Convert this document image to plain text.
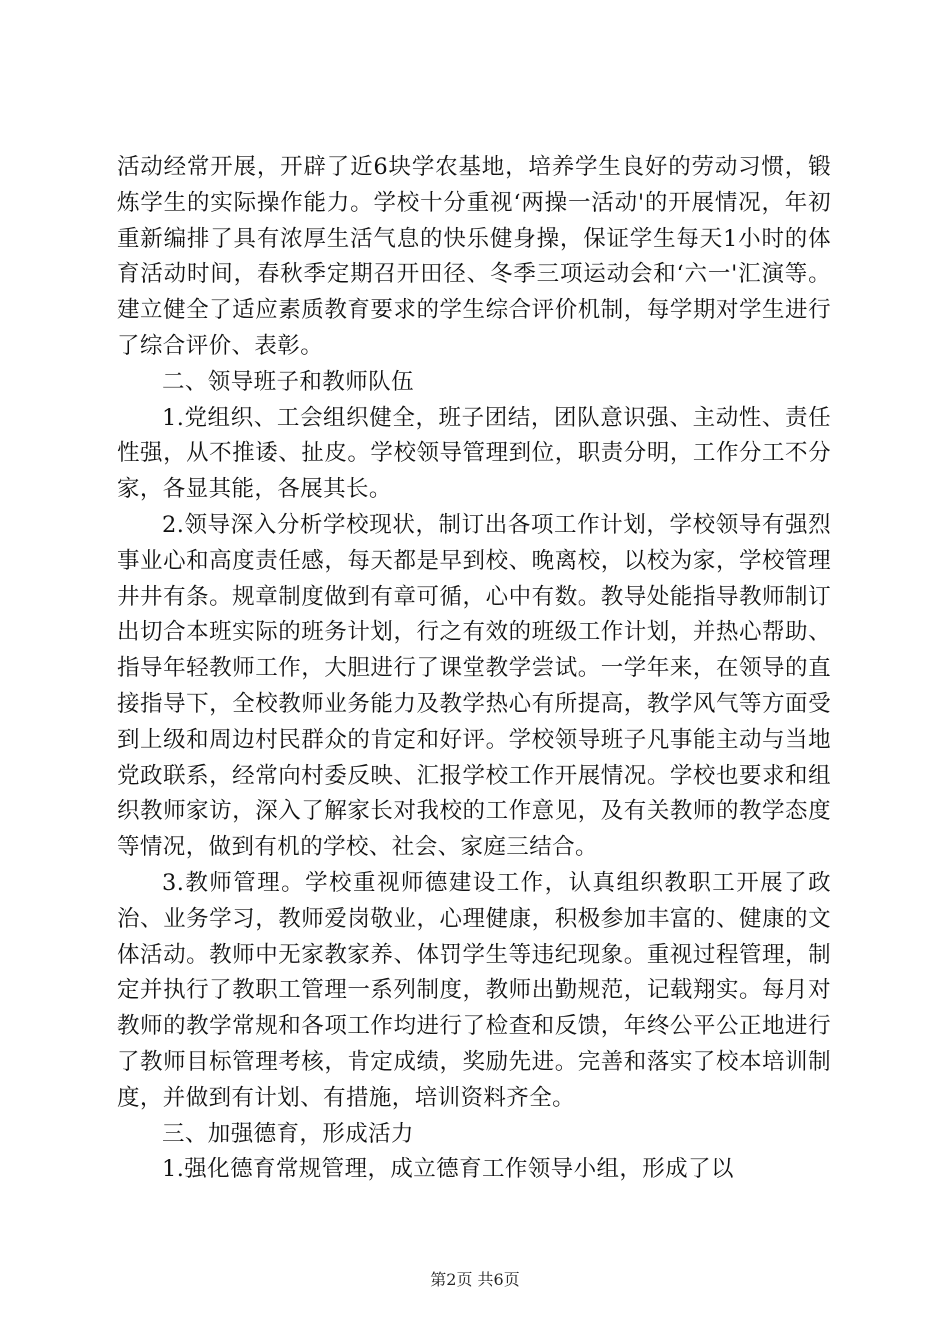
活动经常开展，开辟了近6块学农基地，培养学生良好的劳动习惯，锻炼学生的实际操作能力。学校十分重视‘两操一活动'的开展情况，年初重新编排了具有浓厚生活气息的快乐健身操，保证学生每天1小时的体育活动时间，春秋季定期召开田径、冬季三项运动会和‘六一'汇演等。建立健全了适应素质教育要求的学生综合评价机制，每学期对学生进行了综合评价、表彰。

二、领导班子和教师队伍

1.党组织、工会组织健全，班子团结，团队意识强、主动性、责任性强，从不推诿、扯皮。学校领导管理到位，职责分明，工作分工不分家，各显其能，各展其长。

2.领导深入分析学校现状，制订出各项工作计划，学校领导有强烈事业心和高度责任感，每天都是早到校、晚离校，以校为家，学校管理井井有条。规章制度做到有章可循，心中有数。教导处能指导教师制订出切合本班实际的班务计划，行之有效的班级工作计划，并热心帮助、指导年轻教师工作，大胆进行了课堂教学尝试。一学年来，在领导的直接指导下，全校教师业务能力及教学热心有所提高，教学风气等方面受到上级和周边村民群众的肯定和好评。学校领导班子凡事能主动与当地党政联系，经常向村委反映、汇报学校工作开展情况。学校也要求和组织教师家访，深入了解家长对我校的工作意见，及有关教师的教学态度等情况，做到有机的学校、社会、家庭三结合。

3.教师管理。学校重视师德建设工作，认真组织教职工开展了政治、业务学习，教师爱岗敬业，心理健康，积极参加丰富的、健康的文体活动。教师中无家教家养、体罚学生等违纪现象。重视过程管理，制定并执行了教职工管理一系列制度，教师出勤规范，记载翔实。每月对教师的教学常规和各项工作均进行了检查和反馈，年终公平公正地进行了教师目标管理考核，肯定成绩，奖励先进。完善和落实了校本培训制度，并做到有计划、有措施，培训资料齐全。

三、加强德育，形成活力

1.强化德育常规管理，成立德育工作领导小组，形成了以

第2页 共6页
